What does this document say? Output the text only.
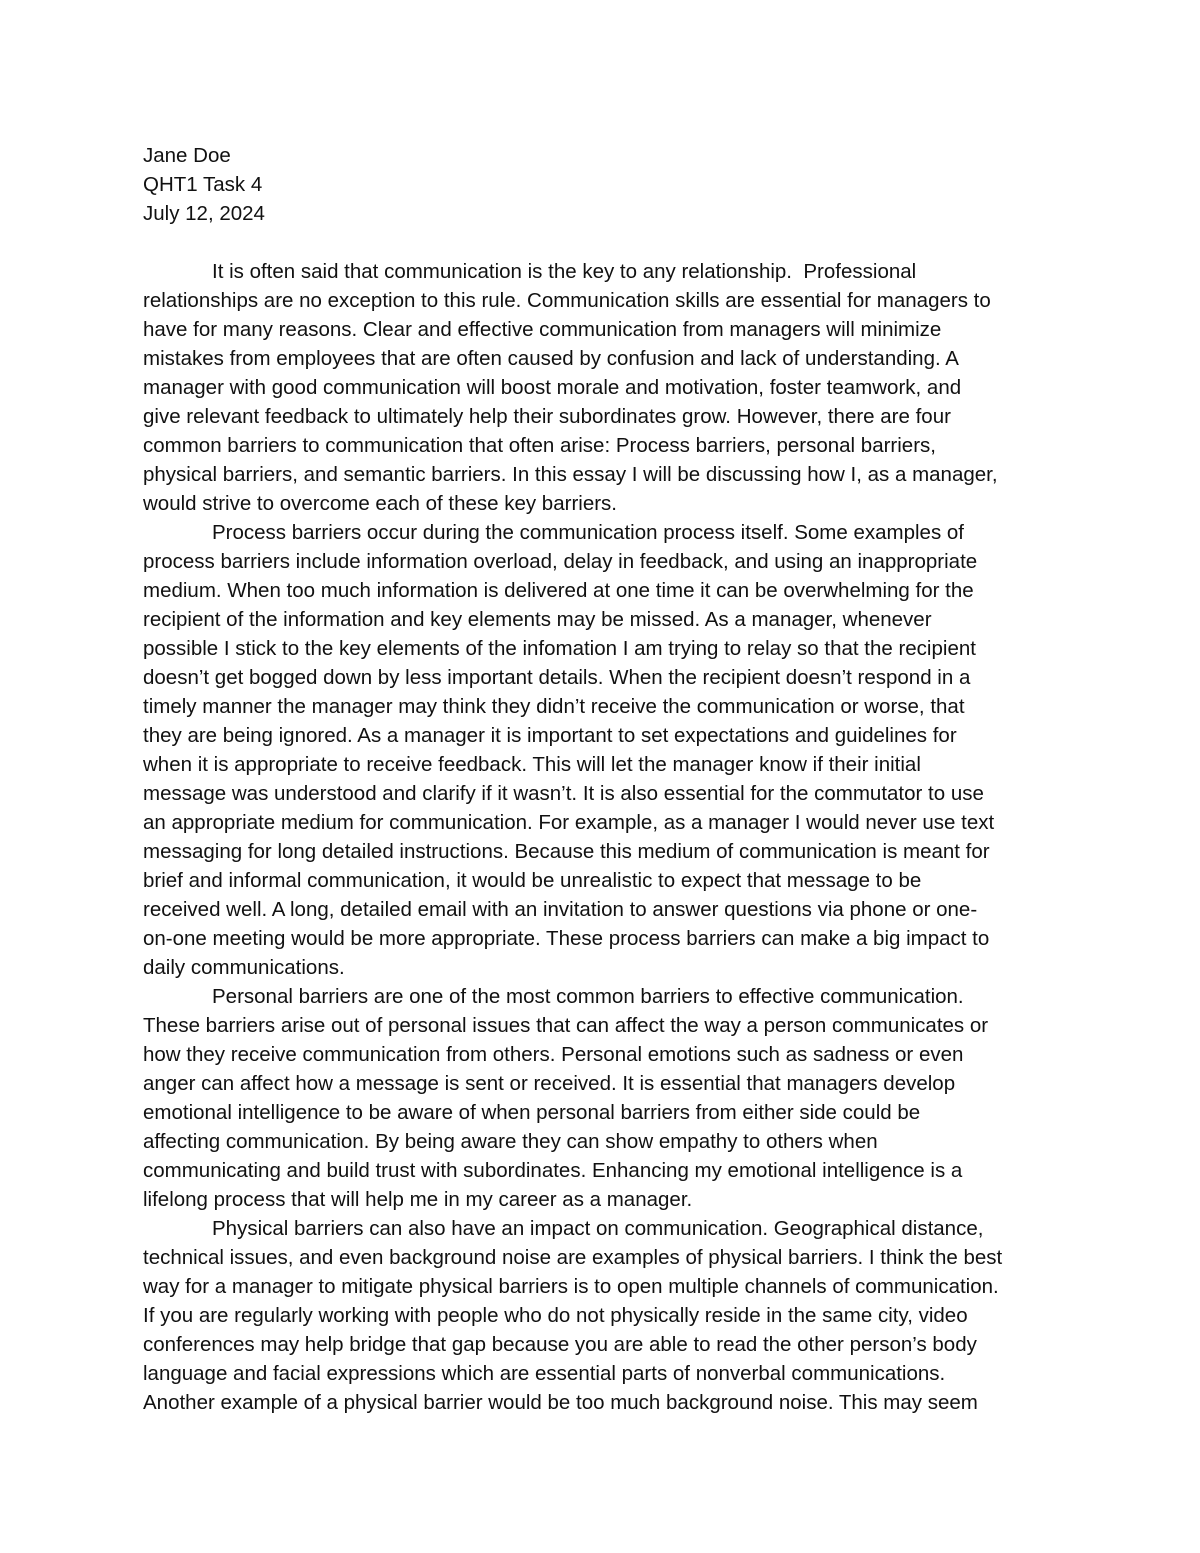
Jane Doe
QHT1 Task 4
July 12, 2024
It is often said that communication is the key to any relationship.  Professional
relationships are no exception to this rule. Communication skills are essential for managers to
have for many reasons. Clear and effective communication from managers will minimize
mistakes from employees that are often caused by confusion and lack of understanding. A
manager with good communication will boost morale and motivation, foster teamwork, and
give relevant feedback to ultimately help their subordinates grow. However, there are four
common barriers to communication that often arise: Process barriers, personal barriers,
physical barriers, and semantic barriers. In this essay I will be discussing how I, as a manager,
would strive to overcome each of these key barriers.
Process barriers occur during the communication process itself. Some examples of
process barriers include information overload, delay in feedback, and using an inappropriate
medium. When too much information is delivered at one time it can be overwhelming for the
recipient of the information and key elements may be missed. As a manager, whenever
possible I stick to the key elements of the infomation I am trying to relay so that the recipient
doesn’t get bogged down by less important details. When the recipient doesn’t respond in a
timely manner the manager may think they didn’t receive the communication or worse, that
they are being ignored. As a manager it is important to set expectations and guidelines for
when it is appropriate to receive feedback. This will let the manager know if their initial
message was understood and clarify if it wasn’t. It is also essential for the commutator to use
an appropriate medium for communication. For example, as a manager I would never use text
messaging for long detailed instructions. Because this medium of communication is meant for
brief and informal communication, it would be unrealistic to expect that message to be
received well. A long, detailed email with an invitation to answer questions via phone or one-
on-one meeting would be more appropriate. These process barriers can make a big impact to
daily communications.
Personal barriers are one of the most common barriers to effective communication.
These barriers arise out of personal issues that can affect the way a person communicates or
how they receive communication from others. Personal emotions such as sadness or even
anger can affect how a message is sent or received. It is essential that managers develop
emotional intelligence to be aware of when personal barriers from either side could be
affecting communication. By being aware they can show empathy to others when
communicating and build trust with subordinates. Enhancing my emotional intelligence is a
lifelong process that will help me in my career as a manager.
Physical barriers can also have an impact on communication. Geographical distance,
technical issues, and even background noise are examples of physical barriers. I think the best
way for a manager to mitigate physical barriers is to open multiple channels of communication.
If you are regularly working with people who do not physically reside in the same city, video
conferences may help bridge that gap because you are able to read the other person’s body
language and facial expressions which are essential parts of nonverbal communications.
Another example of a physical barrier would be too much background noise. This may seem
